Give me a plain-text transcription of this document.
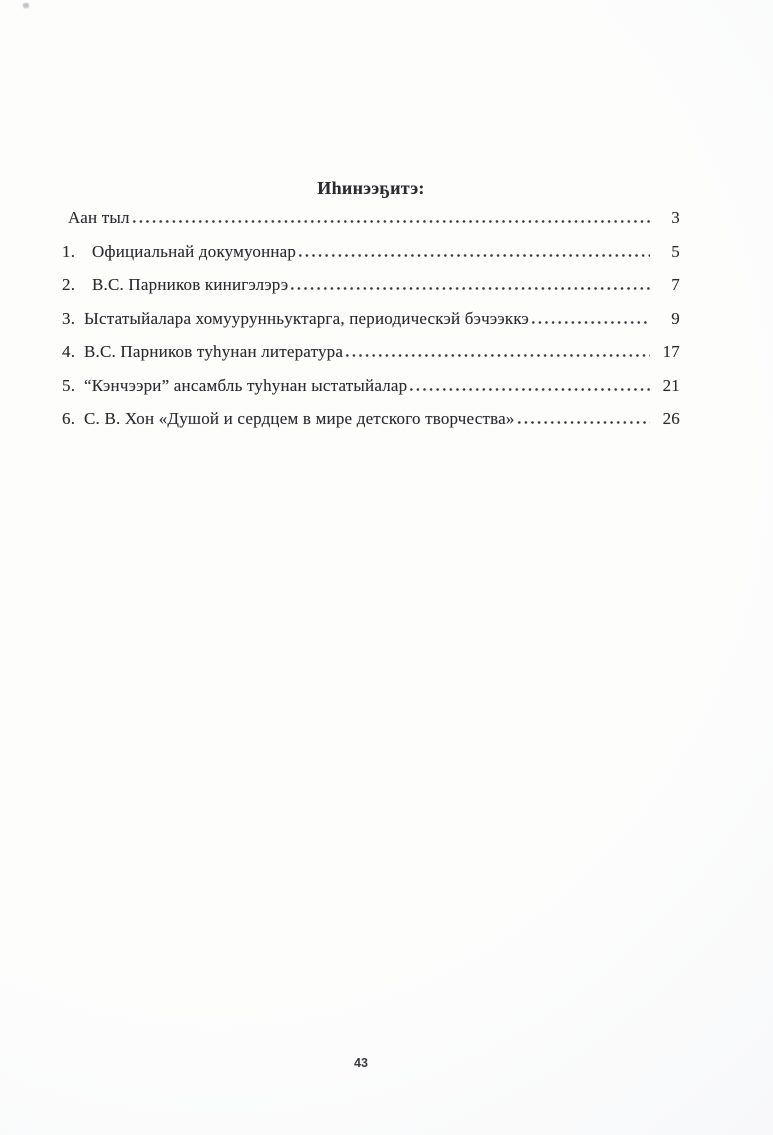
Иһинээҕитэ:
Аан тыл	3
1. Официальнай докумуоннар	5
2. В.С. Парников кинигэлэрэ	7
3. Ыстатыйалара хомуурунньуктарга, периодическэй бэчээккэ	9
4. В.С. Парников туһунан литература	17
5. “Кэнчээри” ансамбль туһунан ыстатыйалар	21
6. С. В. Хон «Душой и сердцем в мире детского творчества»	26
43
